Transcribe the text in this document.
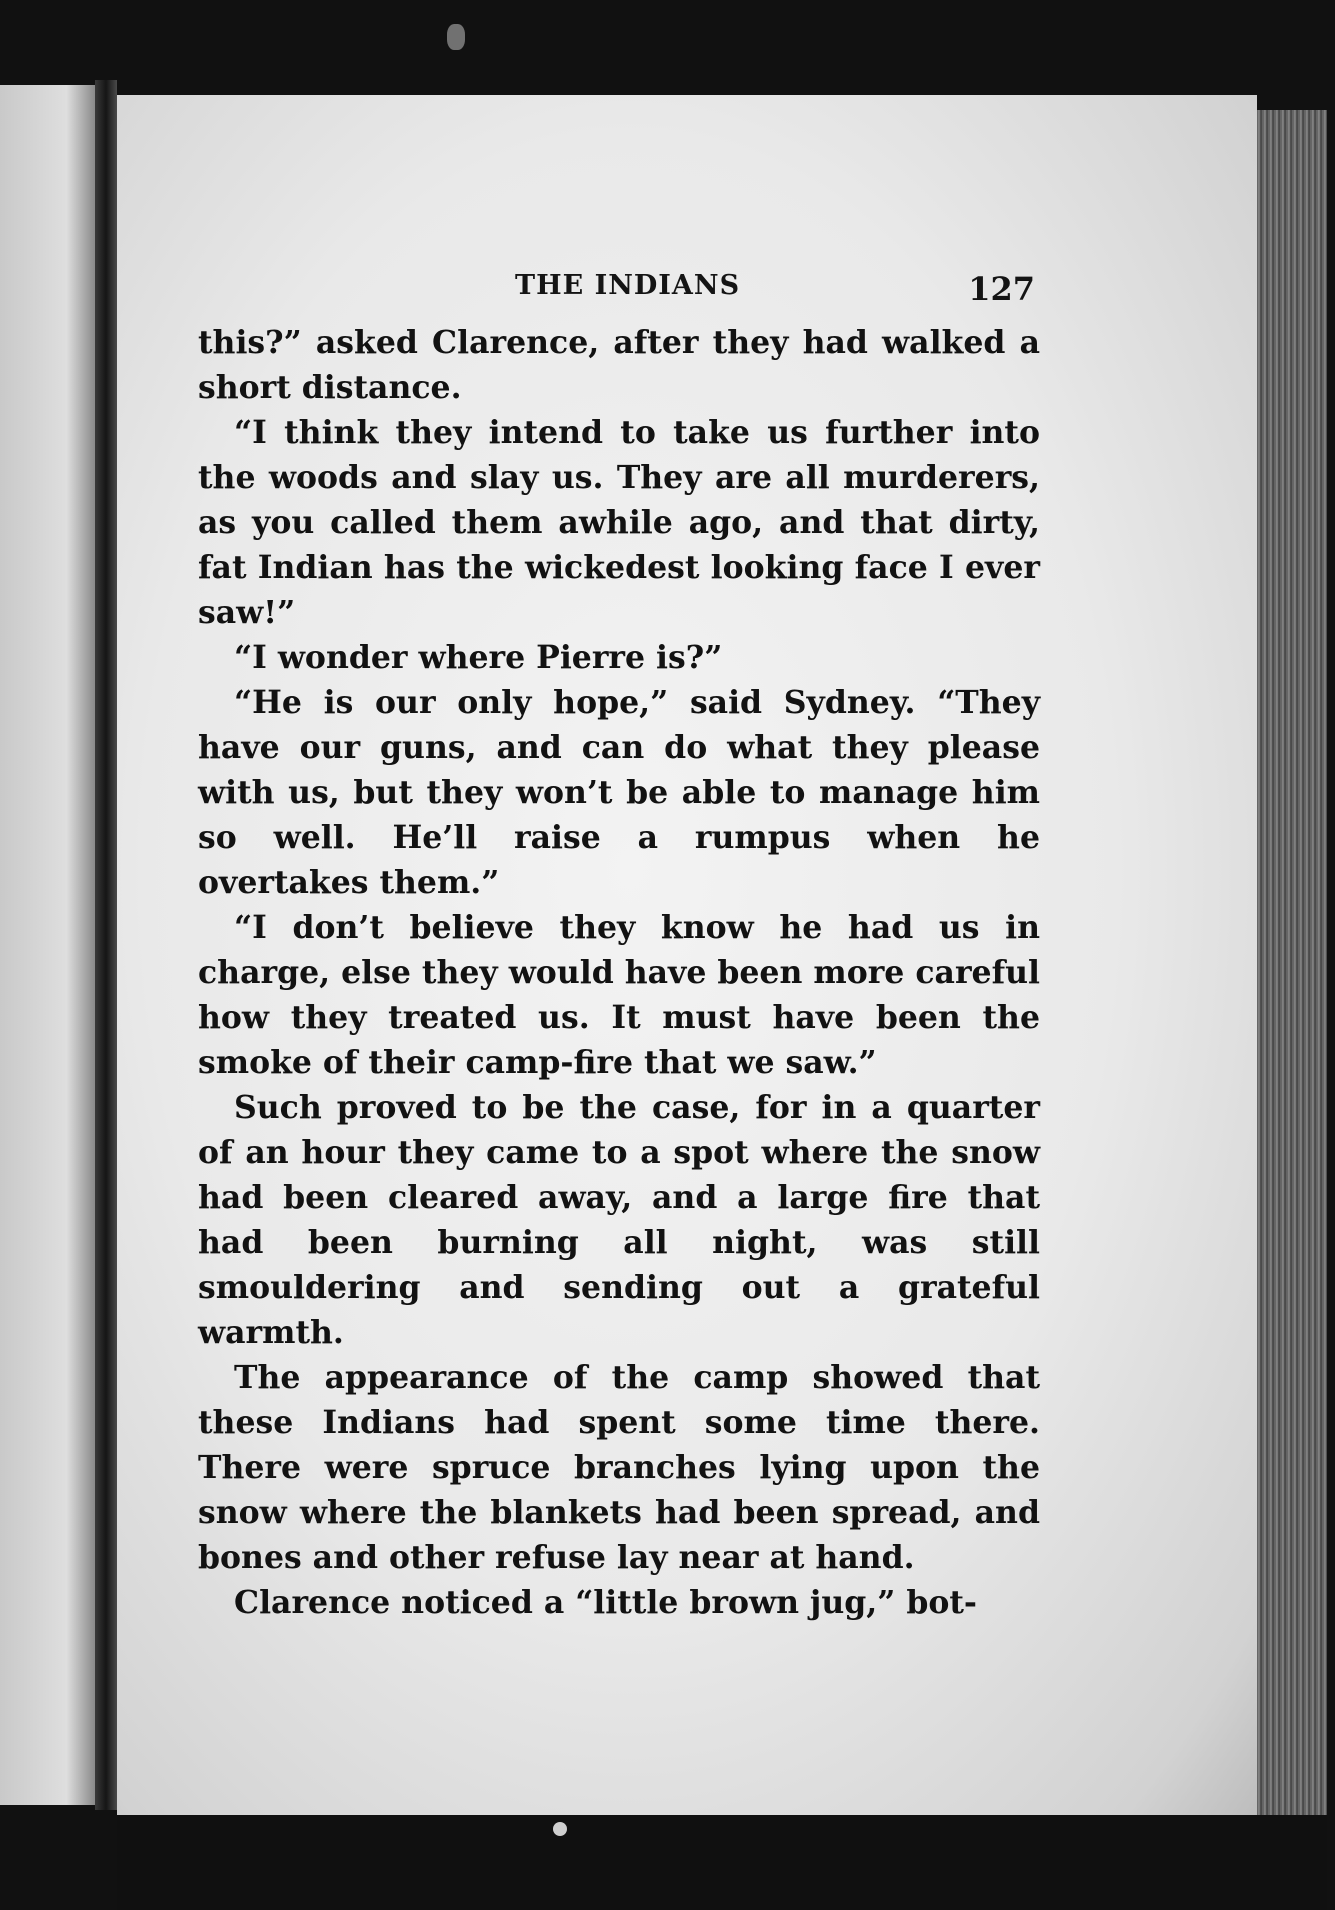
THE INDIANS	127

this?” asked Clarence, after they had walked a short distance.

“I think they intend to take us further into the woods and slay us. They are all murderers, as you called them awhile ago, and that dirty, fat Indian has the wickedest looking face I ever saw!”

“I wonder where Pierre is?”

“He is our only hope,” said Sydney. “They have our guns, and can do what they please with us, but they won’t be able to manage him so well. He’ll raise a rumpus when he overtakes them.”

“I don’t believe they know he had us in charge, else they would have been more careful how they treated us. It must have been the smoke of their camp-fire that we saw.”

Such proved to be the case, for in a quarter of an hour they came to a spot where the snow had been cleared away, and a large fire that had been burning all night, was still smouldering and sending out a grateful warmth.

The appearance of the camp showed that these Indians had spent some time there. There were spruce branches lying upon the snow where the blankets had been spread, and bones and other refuse lay near at hand.

Clarence noticed a “little brown jug,” bot-
